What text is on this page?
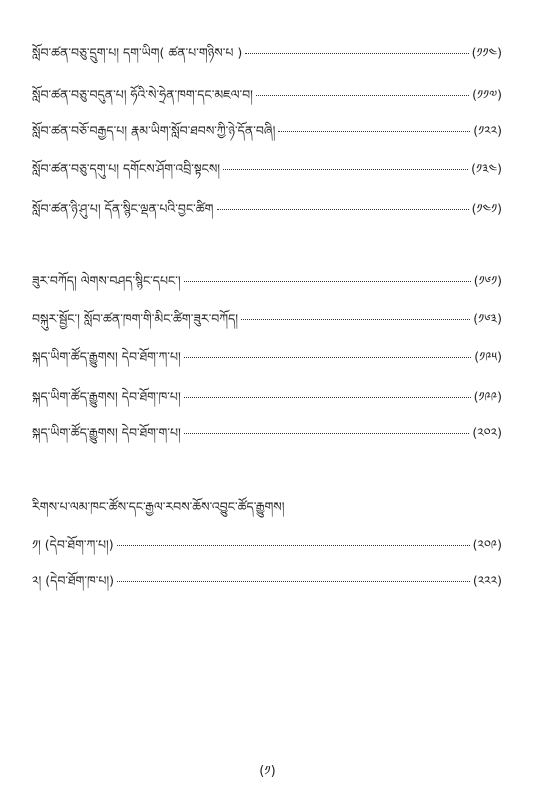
སློབ་ཚན་བཅུ་དྲུག་པ། དག་ཡིག( ཚན་པ་གཉིས་པ )	(༡༡༤)
སློབ་ཚན་བཅུ་བདུན་པ། ཧོའི་སེ་ཧྲེན་ཁག་དང་མཇལ་བ།	(༡༡༧)
སློབ་ཚན་བཅོ་བརྒྱད་པ། རྣམ་ཡིག་སློབ་ཐབས་ཀྱི་ཉེ་དོན་བཞི།	(༡༢༢)
སློབ་ཚན་བཅུ་དགུ་པ། དགོངས་ཤོག་འབྲི་སྟངས།	(༡༣༤)
སློབ་ཚན་ཉི་ཤུ་པ། དོན་སྙིང་ལྡན་པའི་བྱང་ཚིག	(༡༤༡)
ཟུར་བཀོད། ལེགས་བཤད་སྙིང་དཔང་།	(༡༦༡)
བསྐུར་སྦྱོང་། སློབ་ཚན་ཁག་གི་མིང་ཚིག་ཟུར་བཀོད།	(༡༦༣)
སྐད་ཡིག་ཚོད་རྒྱུགས། དེབ་ཐོག་ཀ་པ།	(༡༩༥)
སྐད་ཡིག་ཚོད་རྒྱུགས། དེབ་ཐོག་ཁ་པ།	(༡༩༩)
སྐད་ཡིག་ཚོད་རྒྱུགས། དེབ་ཐོག་ག་པ།	(༢༠༢)
རིགས་པ་ལམ་ཁང་ཚོས་དང་རྒྱལ་རབས་ཆོས་འབྱུང་ཚོད་རྒྱུགས།
༡། (དེབ་ཐོག་ཀ་པ།)	(༢༠༩)
༢། (དེབ་ཐོག་ཁ་པ།)	(༢༢༢)
(༡)
